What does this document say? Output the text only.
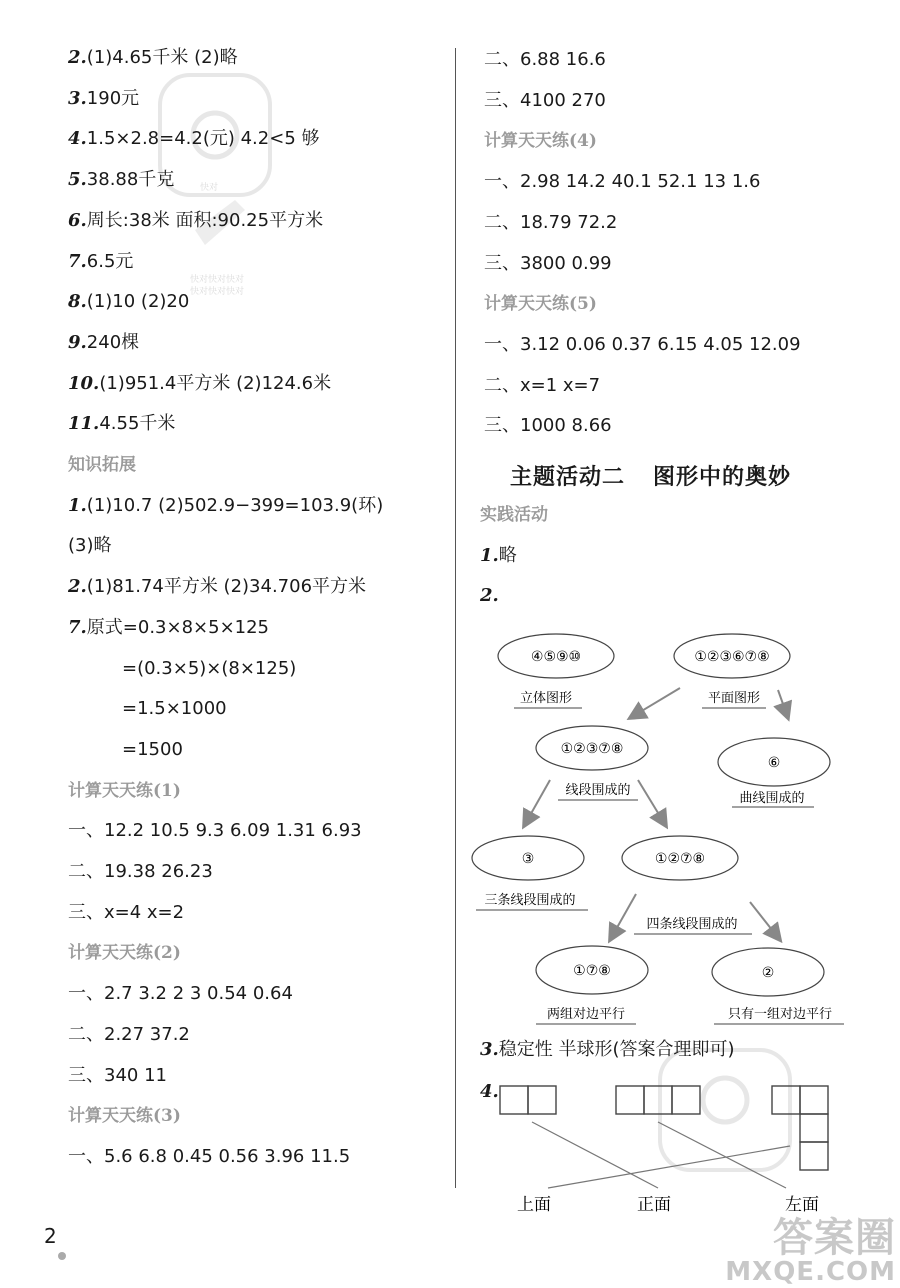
快对
快对快对快对
快对快对快对
2.(1)4.65千米 (2)略
3.190元
4.1.5×2.8=4.2(元) 4.2<5 够
5.38.88千克
6.周长:38米 面积:90.25平方米
7.6.5元
8.(1)10 (2)20
9.240棵
10.(1)951.4平方米 (2)124.6米
11.4.55千米
知识拓展
1.(1)10.7 (2)502.9−399=103.9(环)
(3)略
2.(1)81.74平方米 (2)34.706平方米
7.原式=0.3×8×5×125
=(0.3×5)×(8×125)
=1.5×1000
=1500
计算天天练(1)
一、12.2 10.5 9.3 6.09 1.31 6.93
二、19.38 26.23
三、x=4 x=2
计算天天练(2)
一、2.7 3.2 2 3 0.54 0.64
二、2.27 37.2
三、340 11
计算天天练(3)
一、5.6 6.8 0.45 0.56 3.96 11.5
二、6.88 16.6
三、4100 270
计算天天练(4)
一、2.98 14.2 40.1 52.1 13 1.6
二、18.79 72.2
三、3800 0.99
计算天天练(5)
一、3.12 0.06 0.37 6.15 4.05 12.09
二、x=1 x=7
三、1000 8.66
主题活动二 图形中的奥妙
实践活动
1.略
2.
④⑤⑨⑩
立体图形
①②③⑥⑦⑧
平面图形
①②③⑦⑧
⑥
线段围成的
曲线围成的
③	①②⑦⑧
三条线段围成的
四条线段围成的
①⑦⑧	②
两组对边平行	只有一组对边平行
3.稳定性 半球形(答案合理即可)
4.
上面	正面	左面
2	答案圈
MXQE.COM
